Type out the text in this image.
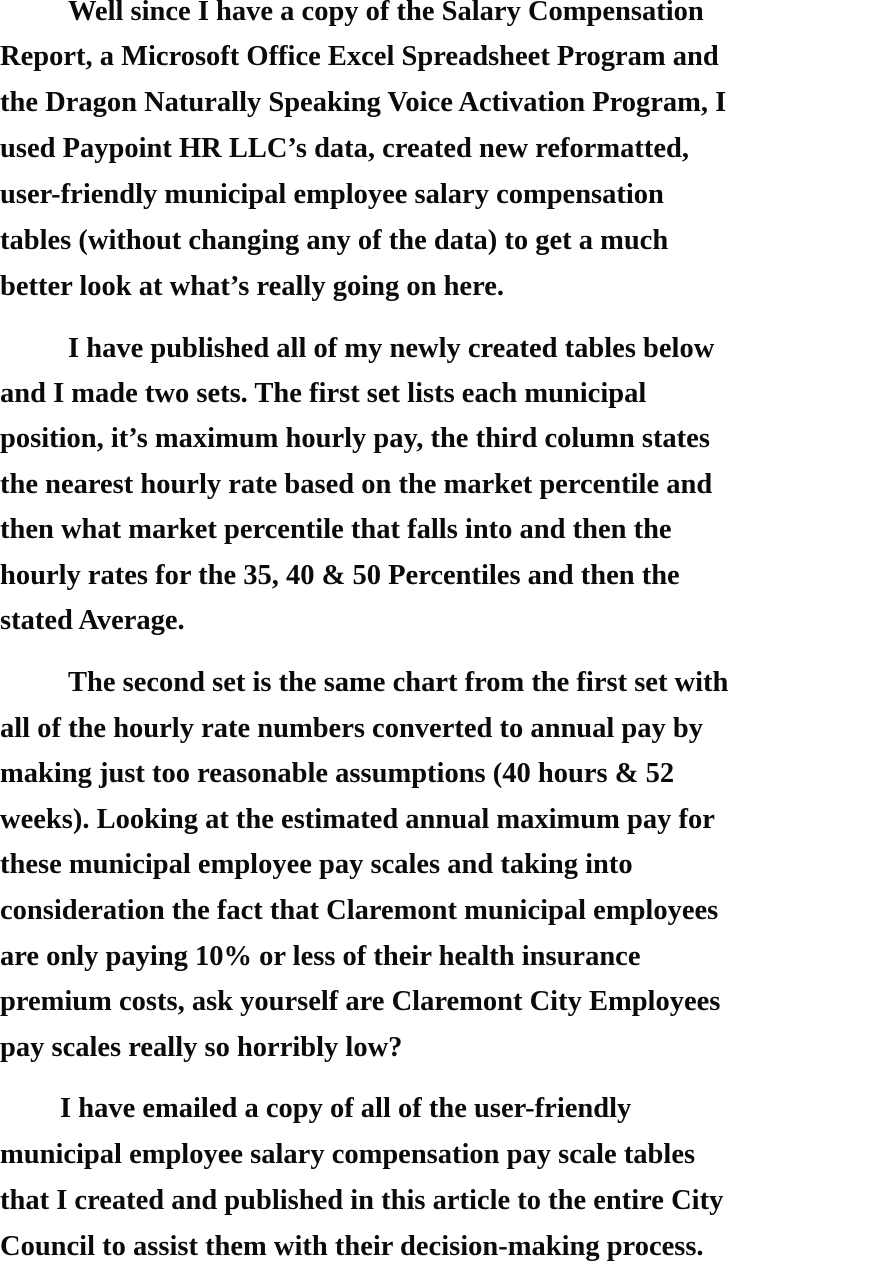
Well since I have a copy of the Salary Compensation
Report, a Microsoft Office Excel Spreadsheet Program and
the Dragon Naturally Speaking Voice Activation Program, I
used Paypoint HR LLC’s data, created new reformatted,
user-friendly municipal employee salary compensation
tables (without changing any of the data) to get a much
better look at what’s really going on here.
I have published all of my newly created tables below
and I made two sets. The first set lists each municipal
position, it’s maximum hourly pay, the third column states
the nearest hourly rate based on the market percentile and
then what market percentile that falls into and then the
hourly rates for the 35, 40 & 50 Percentiles and then the
stated Average.
The second set is the same chart from the first set with
all of the hourly rate numbers converted to annual pay by
making just too reasonable assumptions (40 hours & 52
weeks). Looking at the estimated annual maximum pay for
these municipal employee pay scales and taking into
consideration the fact that Claremont municipal employees
are only paying 10% or less of their health insurance
premium costs, ask yourself are Claremont City Employees
pay scales really so horribly low?
I have emailed a copy of all of the user-friendly
municipal employee salary compensation pay scale tables
that I created and published in this article to the entire City
Council to assist them with their decision-making process.
